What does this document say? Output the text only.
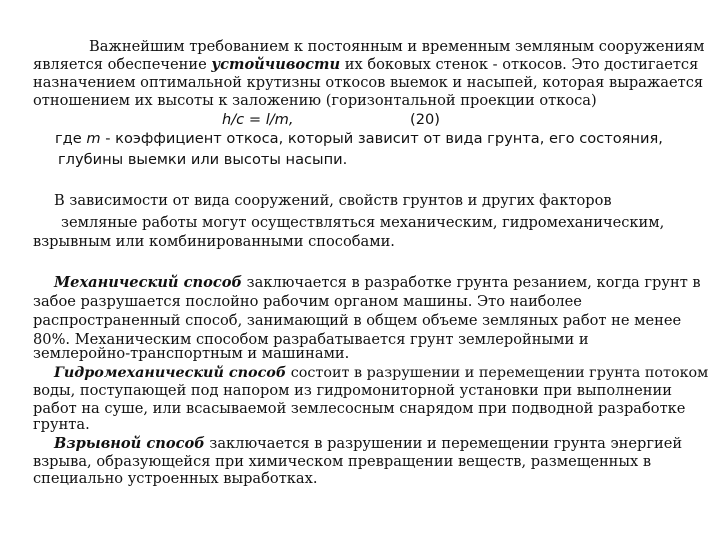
Важнейшим требованием к постоянным и временным земляным сооружениям
является обеспечение устойчивости их боковых стенок - откосов. Это достигается
назначением оптимальной крутизны откосов выемок и насыпей, которая выражается
отношением их высоты к заложению (горизонтальной проекции откоса)
h/c = l/m,	(20)
где m - коэффициент откоса, который зависит от вида грунта, его состояния,
глубины выемки или высоты насыпи.
В зависимости от вида сооружений, свойств грунтов и других факторов
земляные работы могут осуществляться механическим, гидромеханическим,
взрывным или комбинированными способами.
Механический способ заключается в разработке грунта резанием, когда грунт в
забое разрушается послойно рабочим органом машины. Это наиболее
распространенный способ, занимающий в общем объеме земляных работ не менее
80%. Механическим способом разрабатывается грунт землеройными и
землеройно-транспортным и машинами.
Гидромеханический способ состоит в разрушении и перемещении грунта потоком
воды, поступающей под напором из гидромониторной установки при выполнении
работ на суше, или всасываемой землесосным снарядом при подводной разработке
грунта.
Взрывной способ заключается в разрушении и перемещении грунта энергией
взрыва, образующейся при химическом превращении веществ, размещенных в
специально устроенных выработках.
